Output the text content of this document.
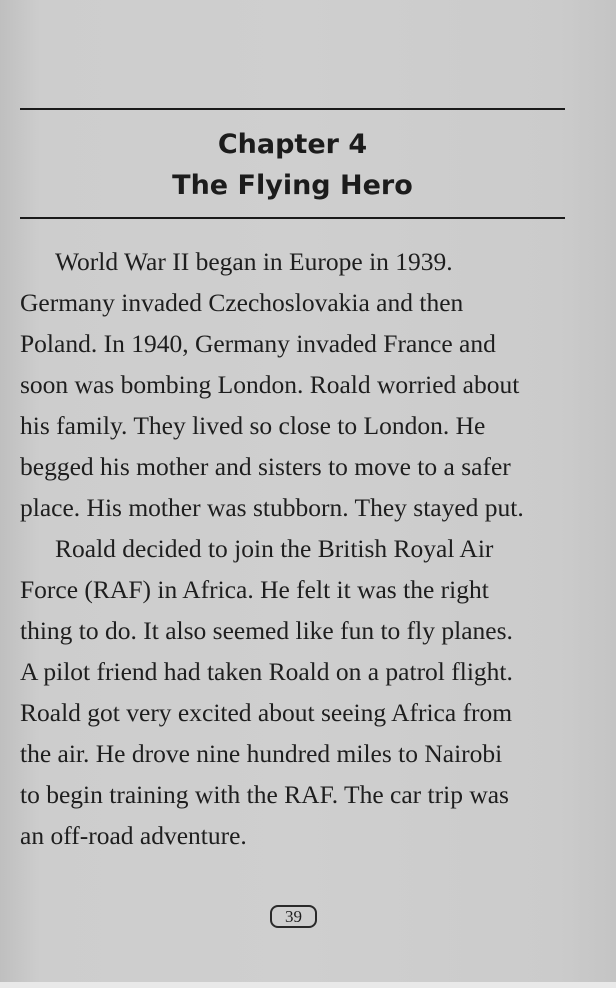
Chapter 4
The Flying Hero
World War II began in Europe in 1939.
Germany invaded Czechoslovakia and then
Poland. In 1940, Germany invaded France and
soon was bombing London. Roald worried about
his family. They lived so close to London. He
begged his mother and sisters to move to a safer
place. His mother was stubborn. They stayed put.
Roald decided to join the British Royal Air
Force (RAF) in Africa. He felt it was the right
thing to do. It also seemed like fun to fly planes.
A pilot friend had taken Roald on a patrol flight.
Roald got very excited about seeing Africa from
the air. He drove nine hundred miles to Nairobi
to begin training with the RAF. The car trip was
an off-road adventure.
39
